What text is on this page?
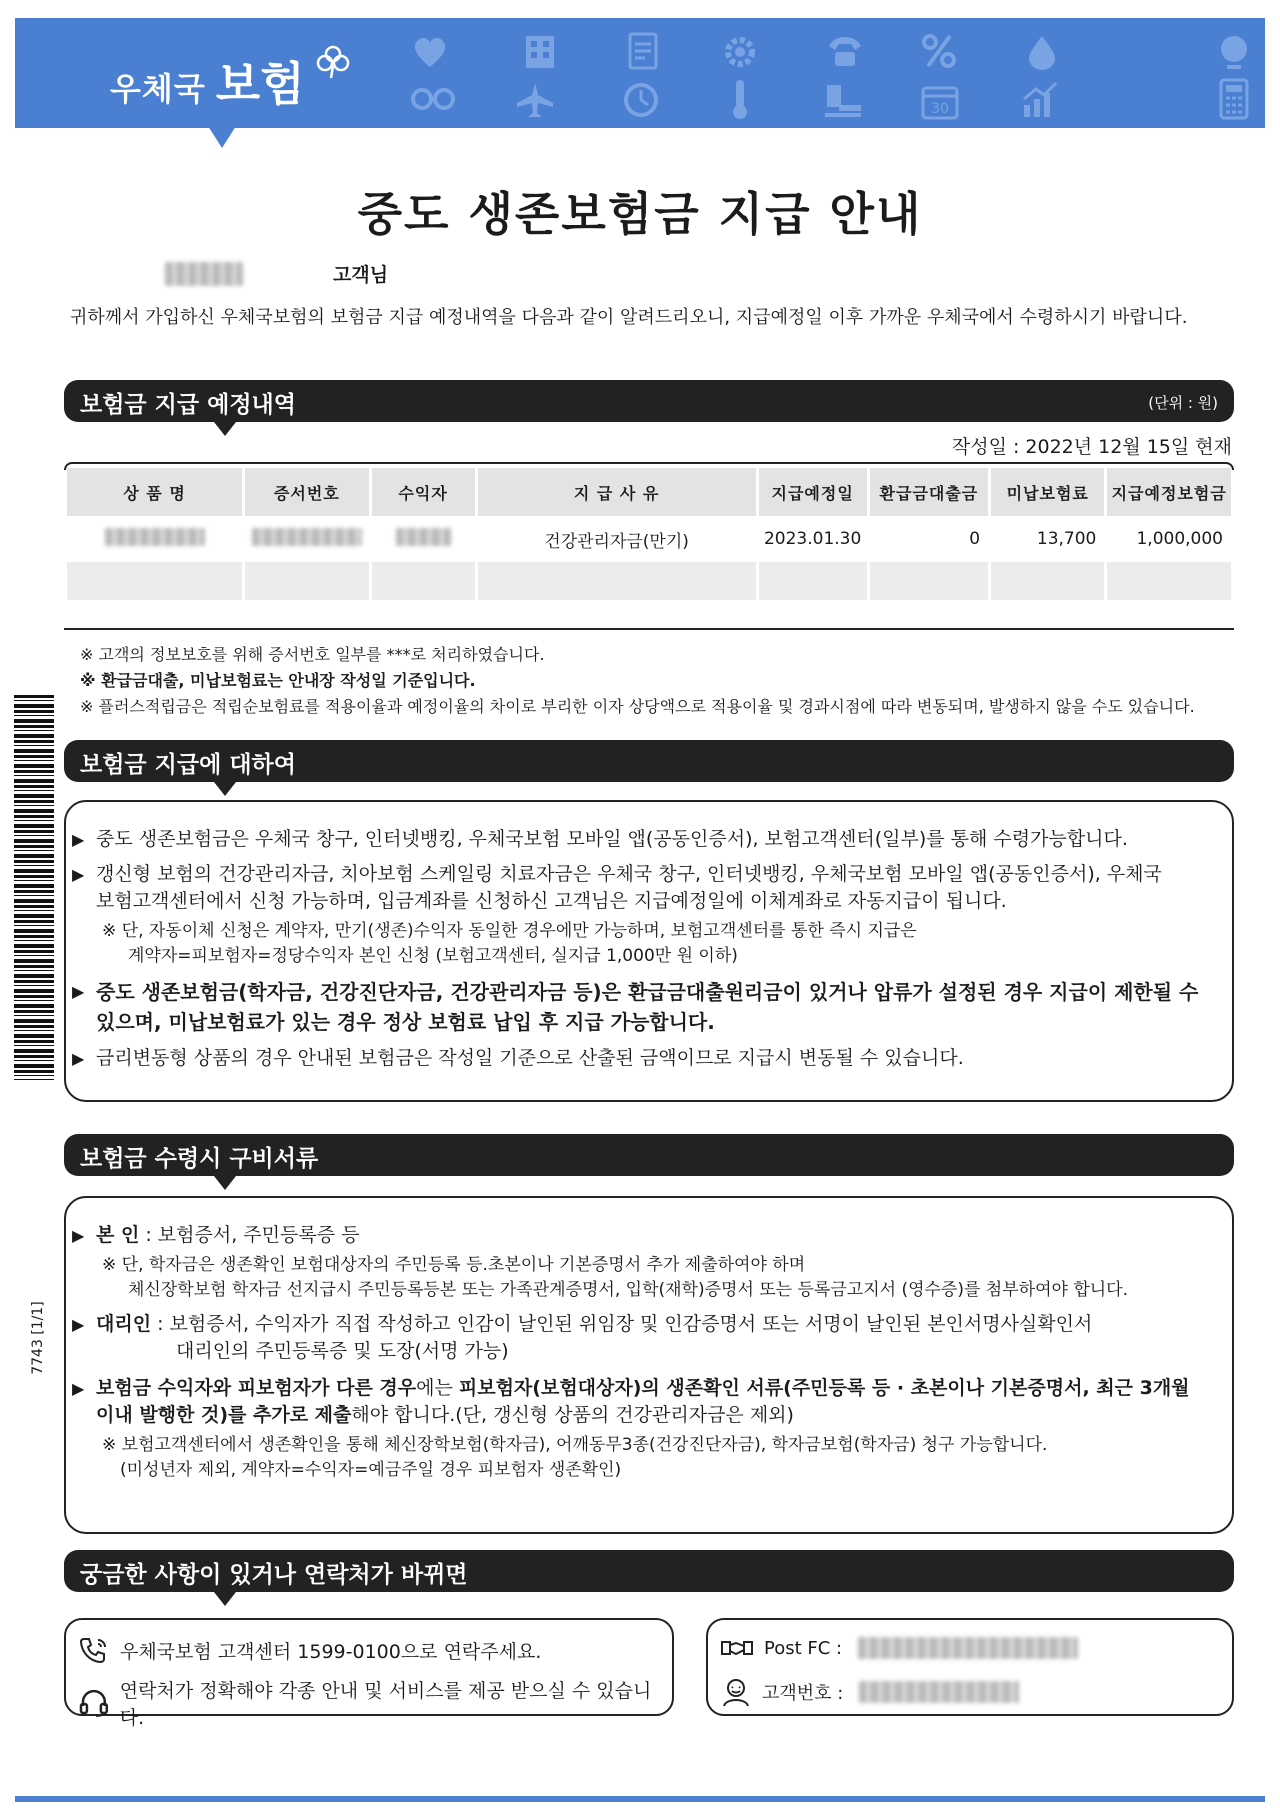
우체국 보험	30
중도 생존보험금 지급 안내
고객님
귀하께서 가입하신 우체국보험의 보험금 지급 예정내역을 다음과 같이 알려드리오니, 지급예정일 이후 가까운 우체국에서 수령하시기 바랍니다.
보험금 지급 예정내역	(단위 : 원)
작성일 : 2022년 12월 15일 현재
상 품 명	증서번호	수익자	지 급 사 유	지급예정일	환급금대출금	미납보험료	지급예정보험금
			건강관리자금(만기)	2023.01.30	0	13,700	1,000,000

※ 고객의 정보보호를 위해 증서번호 일부를 ***로 처리하였습니다.
※ 환급금대출, 미납보험료는 안내장 작성일 기준입니다.
※ 플러스적립금은 적립순보험료를 적용이율과 예정이율의 차이로 부리한 이자 상당액으로 적용이율 및 경과시점에 따라 변동되며, 발생하지 않을 수도 있습니다.
보험금 지급에 대하여
▶ 중도 생존보험금은 우체국 창구, 인터넷뱅킹, 우체국보험 모바일 앱(공동인증서), 보험고객센터(일부)를 통해 수령가능합니다.
▶ 갱신형 보험의 건강관리자금, 치아보험 스케일링 치료자금은 우체국 창구, 인터넷뱅킹, 우체국보험 모바일 앱(공동인증서), 우체국
보험고객센터에서 신청 가능하며, 입금계좌를 신청하신 고객님은 지급예정일에 이체계좌로 자동지급이 됩니다.
※ 단, 자동이체 신청은 계약자, 만기(생존)수익자 동일한 경우에만 가능하며, 보험고객센터를 통한 즉시 지급은
계약자=피보험자=정당수익자 본인 신청 (보험고객센터, 실지급 1,000만 원 이하)
▶ 중도 생존보험금(학자금, 건강진단자금, 건강관리자금 등)은 환급금대출원리금이 있거나 압류가 설정된 경우 지급이 제한될 수
있으며, 미납보험료가 있는 경우 정상 보험료 납입 후 지급 가능합니다.
▶ 금리변동형 상품의 경우 안내된 보험금은 작성일 기준으로 산출된 금액이므로 지급시 변동될 수 있습니다.
보험금 수령시 구비서류
▶ 본 인 : 보험증서, 주민등록증 등
※ 단, 학자금은 생존확인 보험대상자의 주민등록 등.초본이나 기본증명서 추가 제출하여야 하며
체신장학보험 학자금 선지급시 주민등록등본 또는 가족관계증명서, 입학(재학)증명서 또는 등록금고지서 (영수증)를 첨부하여야 합니다.
▶ 대리인 : 보험증서, 수익자가 직접 작성하고 인감이 날인된 위임장 및 인감증명서 또는 서명이 날인된 본인서명사실확인서
대리인의 주민등록증 및 도장(서명 가능)
▶ 보험금 수익자와 피보험자가 다른 경우에는 피보험자(보험대상자)의 생존확인 서류(주민등록 등 · 초본이나 기본증명서, 최근 3개월
이내 발행한 것)를 추가로 제출해야 합니다.(단, 갱신형 상품의 건강관리자금은 제외)
※ 보험고객센터에서 생존확인을 통해 체신장학보험(학자금), 어깨동무3종(건강진단자금), 학자금보험(학자금) 청구 가능합니다.
(미성년자 제외, 계약자=수익자=예금주일 경우 피보험자 생존확인)
7743 [1/1]
궁금한 사항이 있거나 연락처가 바뀌면
우체국보험 고객센터 1599-0100으로 연락주세요.
연락처가 정확해야 각종 안내 및 서비스를 제공 받으실 수 있습니다.
Post FC :
고객번호 :
